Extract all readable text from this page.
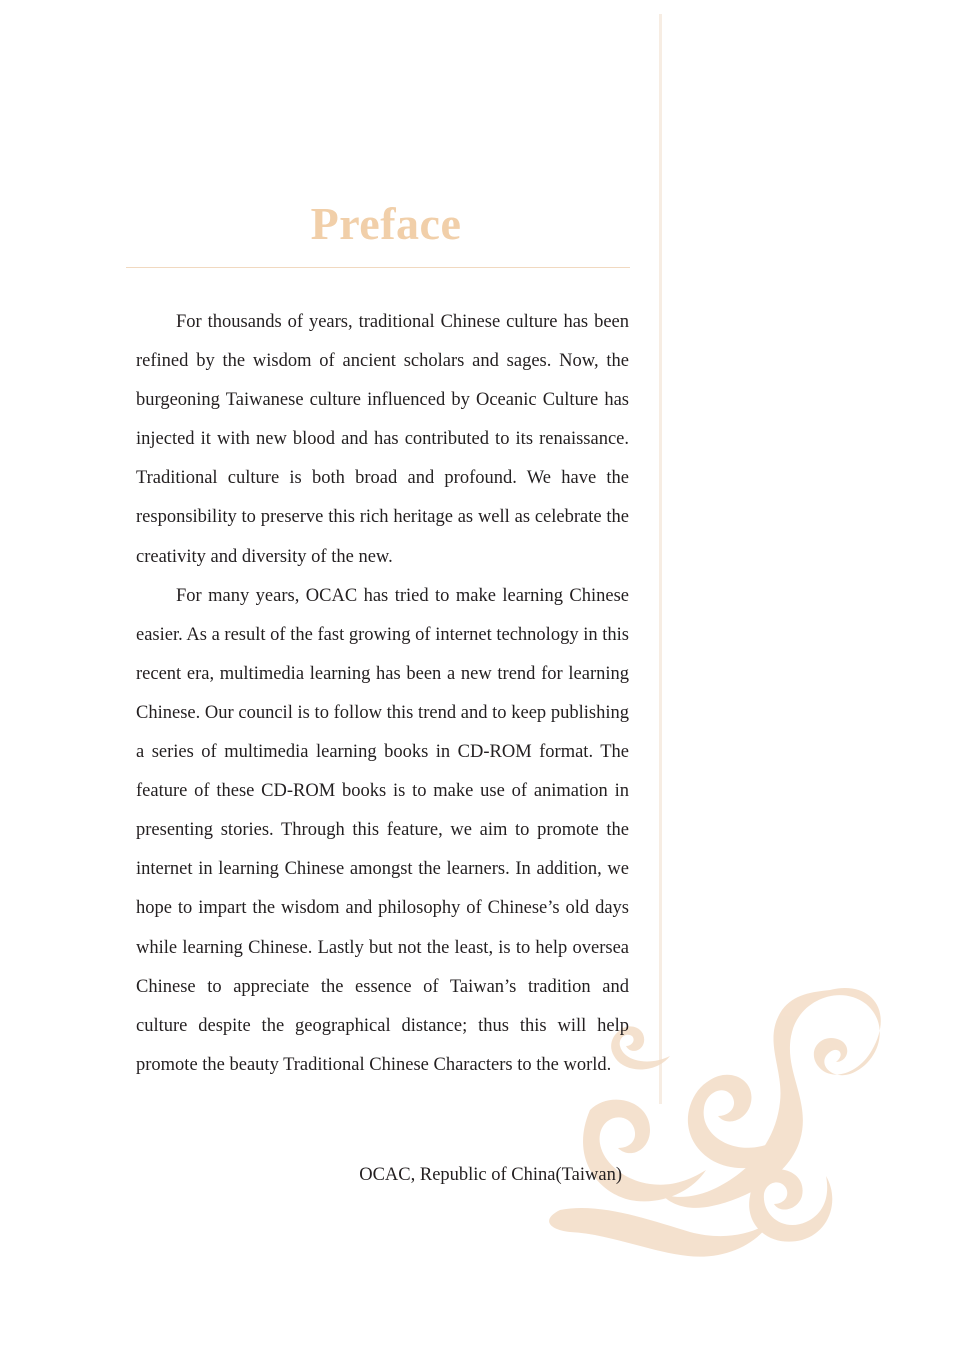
Preface

For thousands of years, traditional Chinese culture has been refined by the wisdom of ancient scholars and sages. Now, the burgeoning Taiwanese culture influenced by Oceanic Culture has injected it with new blood and has contributed to its renaissance. Traditional culture is both broad and profound. We have the responsibility to preserve this rich heritage as well as celebrate the creativity and diversity of the new.

For many years, OCAC has tried to make learning Chinese easier. As a result of the fast growing of internet technology in this recent era, multimedia learning has been a new trend for learning Chinese. Our council is to follow this trend and to keep publishing a series of multimedia learning books in CD-ROM format. The feature of these CD-ROM books is to make use of animation in presenting stories. Through this feature, we aim to promote the internet in learning Chinese amongst the learners. In addition, we hope to impart the wisdom and philosophy of Chinese’s old days while learning Chinese. Lastly but not the least, is to help oversea Chinese to appreciate the essence of Taiwan’s tradition and culture despite the geographical distance; thus this will help promote the beauty Traditional Chinese Characters to the world.

OCAC, Republic of China(Taiwan)
